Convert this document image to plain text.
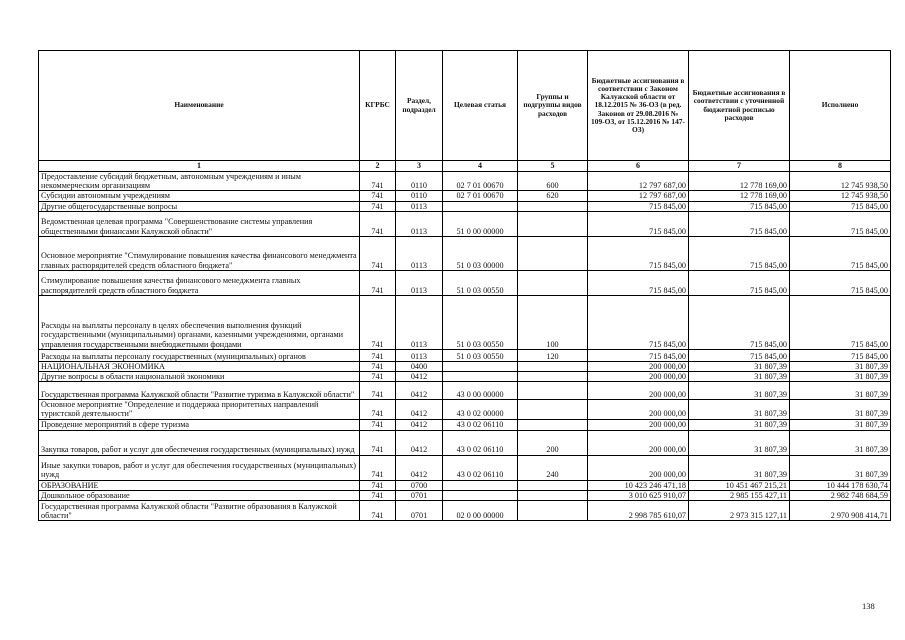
Наименование	КГРБС	Раздел, подраздел	Целевая статья	Группы и подгруппы видов расходов	Бюджетные ассигнования в соответствии с Законом Калужской области от 18.12.2015 № 36-ОЗ (в ред. Законов от 29.08.2016 № 109-ОЗ, от 15.12.2016 № 147-ОЗ)	Бюджетные ассигнования в соответствии с уточненной бюджетной росписью расходов	Исполнено
1	2	3	4	5	6	7	8
Предоставление субсидий бюджетным, автономным учреждениям и иным некоммерческим организациям	741	0110	02 7 01 00670	600	12 797 687,00	12 778 169,00	12 745 938,50
Субсидии автономным учреждениям	741	0110	02 7 01 00670	620	12 797 687,00	12 778 169,00	12 745 938,50
Другие общегосударственные вопросы	741	0113			715 845,00	715 845,00	715 845,00
Ведомственная целевая программа "Совершенствование системы управления общественными финансами Калужской области"	741	0113	51 0 00 00000		715 845,00	715 845,00	715 845,00
Основное мероприятие "Стимулирование повышения качества финансового менеджмента главных распорядителей средств областного бюджета"	741	0113	51 0 03 00000		715 845,00	715 845,00	715 845,00
Стимулирование повышения качества финансового менеджмента главных распорядителей средств областного бюджета	741	0113	51 0 03 00550		715 845,00	715 845,00	715 845,00
Расходы на выплаты персоналу в целях обеспечения выполнения функций государственными (муниципальными) органами, казенными учреждениями, органами управления государственными внебюджетными фондами	741	0113	51 0 03 00550	100	715 845,00	715 845,00	715 845,00
Расходы на выплаты персоналу государственных (муниципальных) органов	741	0113	51 0 03 00550	120	715 845,00	715 845,00	715 845,00
НАЦИОНАЛЬНАЯ ЭКОНОМИКА	741	0400			200 000,00	31 807,39	31 807,39
Другие вопросы в области национальной экономики	741	0412			200 000,00	31 807,39	31 807,39
Государственная программа Калужской области "Развитие туризма в Калужской области"	741	0412	43 0 00 00000		200 000,00	31 807,39	31 807,39
Основное мероприятие "Определение и поддержка приоритетных направлений туристской деятельности"	741	0412	43 0 02 00000		200 000,00	31 807,39	31 807,39
Проведение мероприятий в сфере туризма	741	0412	43 0 02 06110		200 000,00	31 807,39	31 807,39
Закупка товаров, работ и услуг для обеспечения государственных (муниципальных) нужд	741	0412	43 0 02 06110	200	200 000,00	31 807,39	31 807,39
Иные закупки товаров, работ и услуг для обеспечения государственных (муниципальных) нужд	741	0412	43 0 02 06110	240	200 000,00	31 807,39	31 807,39
ОБРАЗОВАНИЕ	741	0700			10 423 246 471,18	10 451 467 215,21	10 444 178 630,74
Дошкольное образование	741	0701			3 010 625 910,07	2 985 155 427,11	2 982 748 684,59
Государственная программа Калужской области "Развитие образования в Калужской области"	741	0701	02 0 00 00000		2 998 785 610,07	2 973 315 127,11	2 970 908 414,71
138
